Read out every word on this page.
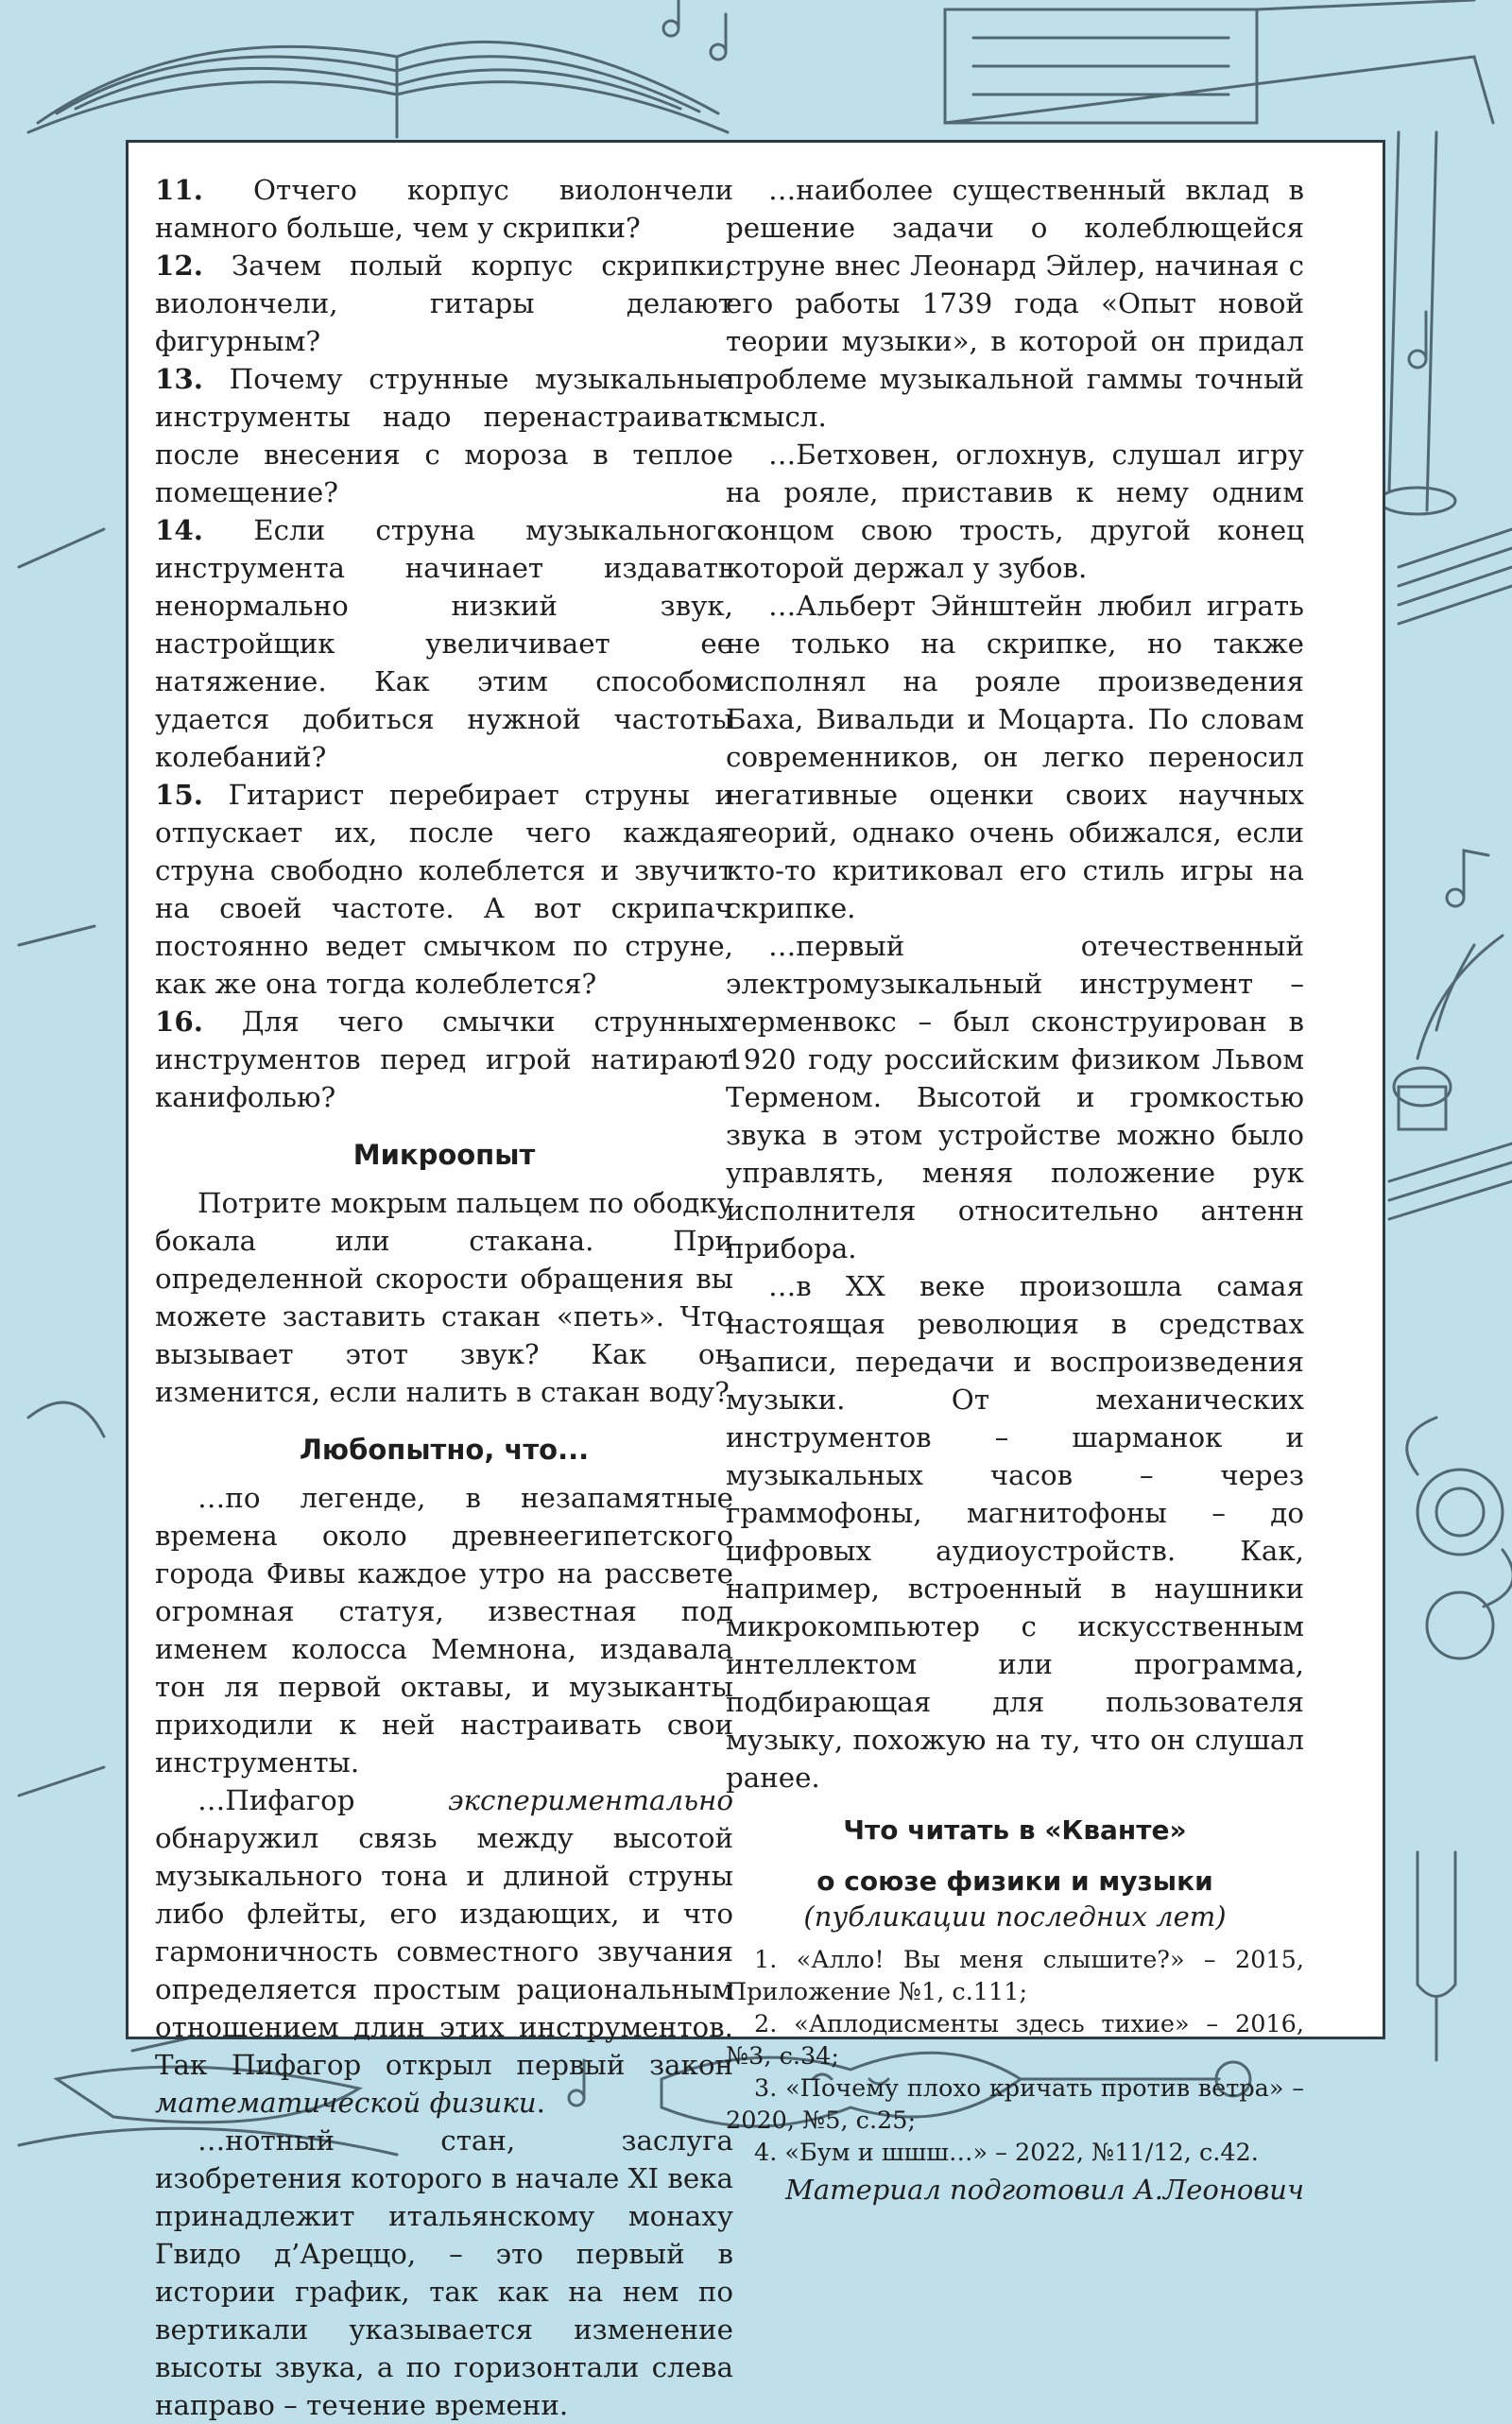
11. Отчего корпус виолончели намного больше, чем у скрипки?

12. Зачем полый корпус скрипки, виолончели, гитары делают фигурным?

13. Почему струнные музыкальные инструменты надо перенастраивать после внесения с мороза в теплое помещение?

14. Если струна музыкального инструмента начинает издавать ненормально низкий звук, настройщик увеличивает ее натяжение. Как этим способом удается добиться нужной частоты колебаний?

15. Гитарист перебирает струны и отпускает их, после чего каждая струна свободно колеблется и звучит на своей частоте. А вот скрипач постоянно ведет смычком по струне, как же она тогда колеблется?

16. Для чего смычки струнных инструментов перед игрой натирают канифолью?

Микроопыт

Потрите мокрым пальцем по ободку бокала или стакана. При определенной скорости обращения вы можете заставить стакан «петь». Что вызывает этот звук? Как он изменится, если налить в стакан воду?

Любопытно, что...

…по легенде, в незапамятные времена около древнеегипетского города Фивы каждое утро на рассвете огромная статуя, известная под именем колосса Мемнона, издавала тон ля первой октавы, и музыканты приходили к ней настраивать свои инструменты.

…Пифагор экспериментально обнаружил связь между высотой музыкального тона и длиной струны либо флейты, его издающих, и что гармоничность совместного звучания определяется простым рациональным отношением длин этих инструментов. Так Пифагор открыл первый закон математической физики.

…нотный стан, заслуга изобретения которого в начале XI века принадлежит итальянскому монаху Гвидо д’Ареццо, – это первый в истории график, так как на нем по вертикали указывается изменение высоты звука, а по горизонтали слева направо – течение времени.

…наиболее существенный вклад в решение задачи о колеблющейся струне внес Леонард Эйлер, начиная с его работы 1739 года «Опыт новой теории музыки», в которой он придал проблеме музыкальной гаммы точный смысл.

…Бетховен, оглохнув, слушал игру на рояле, приставив к нему одним концом свою трость, другой конец которой держал у зубов.

…Альберт Эйнштейн любил играть не только на скрипке, но также исполнял на рояле произведения Баха, Вивальди и Моцарта. По словам современников, он легко переносил негативные оценки своих научных теорий, однако очень обижался, если кто-то критиковал его стиль игры на скрипке.

…первый отечественный электромузыкальный инструмент – терменвокс – был сконструирован в 1920 году российским физиком Львом Терменом. Высотой и громкостью звука в этом устройстве можно было управлять, меняя положение рук исполнителя относительно антенн прибора.

…в XX веке произошла самая настоящая революция в средствах записи, передачи и воспроизведения музыки. От механических инструментов – шарманок и музыкальных часов – через граммофоны, магнитофоны – до цифровых аудиоустройств. Как, например, встроенный в наушники микрокомпьютер с искусственным интеллектом или программа, подбирающая для пользователя музыку, похожую на ту, что он слушал ранее.

Что читать в «Кванте»
о союзе физики и музыки
(публикации последних лет)

1. «Алло! Вы меня слышите?» – 2015, Приложение №1, с.111;

2. «Аплодисменты здесь тихие» – 2016, №3, с.34;

3. «Почему плохо кричать против ветра» – 2020, №5, с.25;

4. «Бум и шшш…» – 2022, №11/12, с.42.

Материал подготовил А.Леонович
